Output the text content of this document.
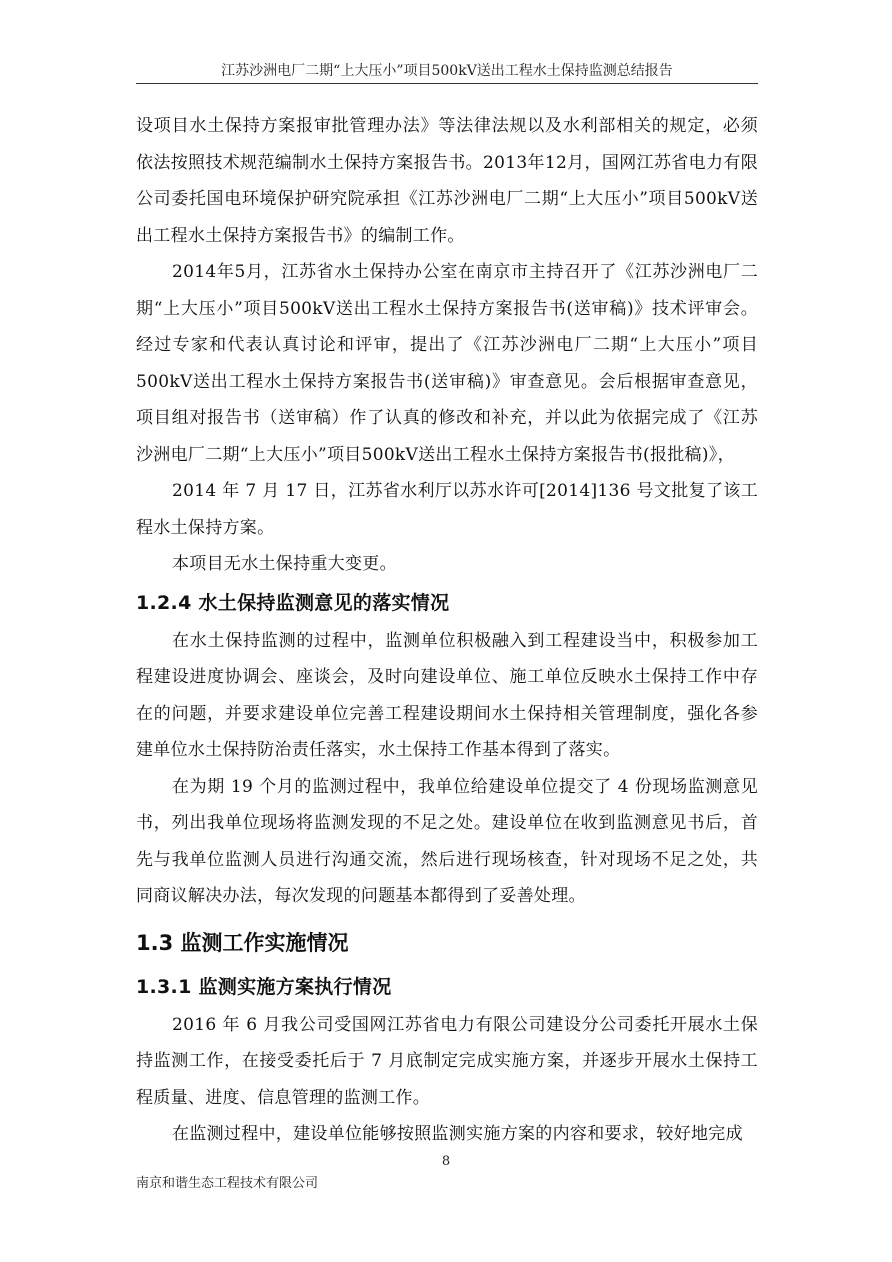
江苏沙洲电厂二期“上大压小”项目500kV送出工程水土保持监测总结报告

设项目水土保持方案报审批管理办法》等法律法规以及水利部相关的规定，必须依法按照技术规范编制水土保持方案报告书。2013年12月，国网江苏省电力有限公司委托国电环境保护研究院承担《江苏沙洲电厂二期“上大压小”项目500kV送出工程水土保持方案报告书》的编制工作。

2014年5月，江苏省水土保持办公室在南京市主持召开了《江苏沙洲电厂二期“上大压小”项目500kV送出工程水土保持方案报告书(送审稿)》技术评审会。经过专家和代表认真讨论和评审，提出了《江苏沙洲电厂二期“上大压小”项目500kV送出工程水土保持方案报告书(送审稿)》审查意见。会后根据审查意见，项目组对报告书（送审稿）作了认真的修改和补充，并以此为依据完成了《江苏沙洲电厂二期“上大压小”项目500kV送出工程水土保持方案报告书(报批稿)》，

2014 年 7 月 17 日，江苏省水利厅以苏水许可[2014]136 号文批复了该工程水土保持方案。

本项目无水土保持重大变更。

1.2.4 水土保持监测意见的落实情况

在水土保持监测的过程中，监测单位积极融入到工程建设当中，积极参加工程建设进度协调会、座谈会，及时向建设单位、施工单位反映水土保持工作中存在的问题，并要求建设单位完善工程建设期间水土保持相关管理制度，强化各参建单位水土保持防治责任落实，水土保持工作基本得到了落实。

在为期 19 个月的监测过程中，我单位给建设单位提交了 4 份现场监测意见书，列出我单位现场将监测发现的不足之处。建设单位在收到监测意见书后，首先与我单位监测人员进行沟通交流，然后进行现场核查，针对现场不足之处，共同商议解决办法，每次发现的问题基本都得到了妥善处理。

1.3 监测工作实施情况
1.3.1 监测实施方案执行情况

2016 年 6 月我公司受国网江苏省电力有限公司建设分公司委托开展水土保持监测工作，在接受委托后于 7 月底制定完成实施方案，并逐步开展水土保持工程质量、进度、信息管理的监测工作。

在监测过程中，建设单位能够按照监测实施方案的内容和要求，较好地完成

8
南京和谐生态工程技术有限公司
